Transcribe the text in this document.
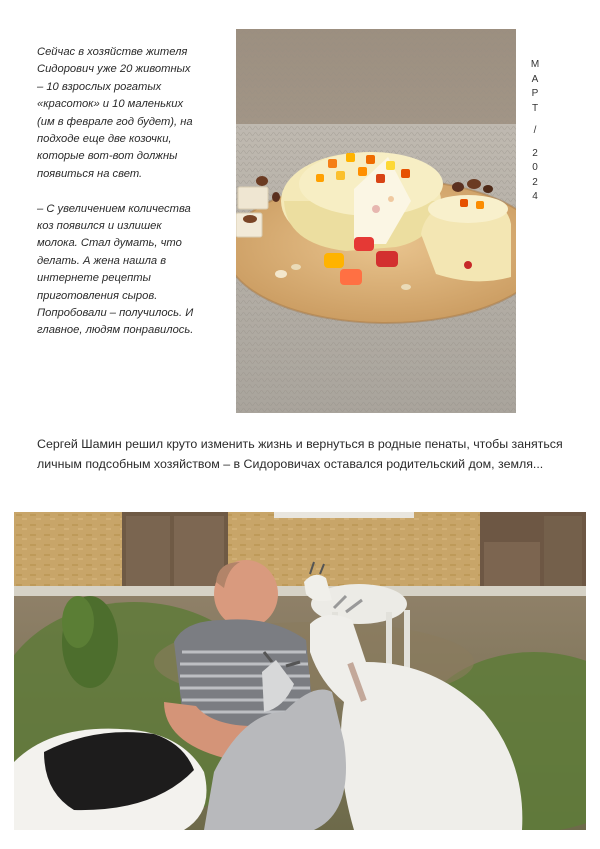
Сейчас в хозяйстве жителя Сидорович уже 20 животных – 10 взрослых рогатых «красоток» и 10 маленьких (им в феврале год будет), на подходе еще две козочки, которые вот-вот должны появиться на свет.

– С увеличением количества коз появился и излишек молока. Стал думать, что делать. А жена нашла в интернете рецепты приготовления сыров. Попробовали – получилось. И главное, людям понравилось.

М
А
Р
Т
/
2
0
2
4

Сергей Шамин решил круто изменить жизнь и вернуться в родные пенаты, чтобы заняться личным подсобным хозяйством – в Сидоровичах оставался родительский дом, земля...
